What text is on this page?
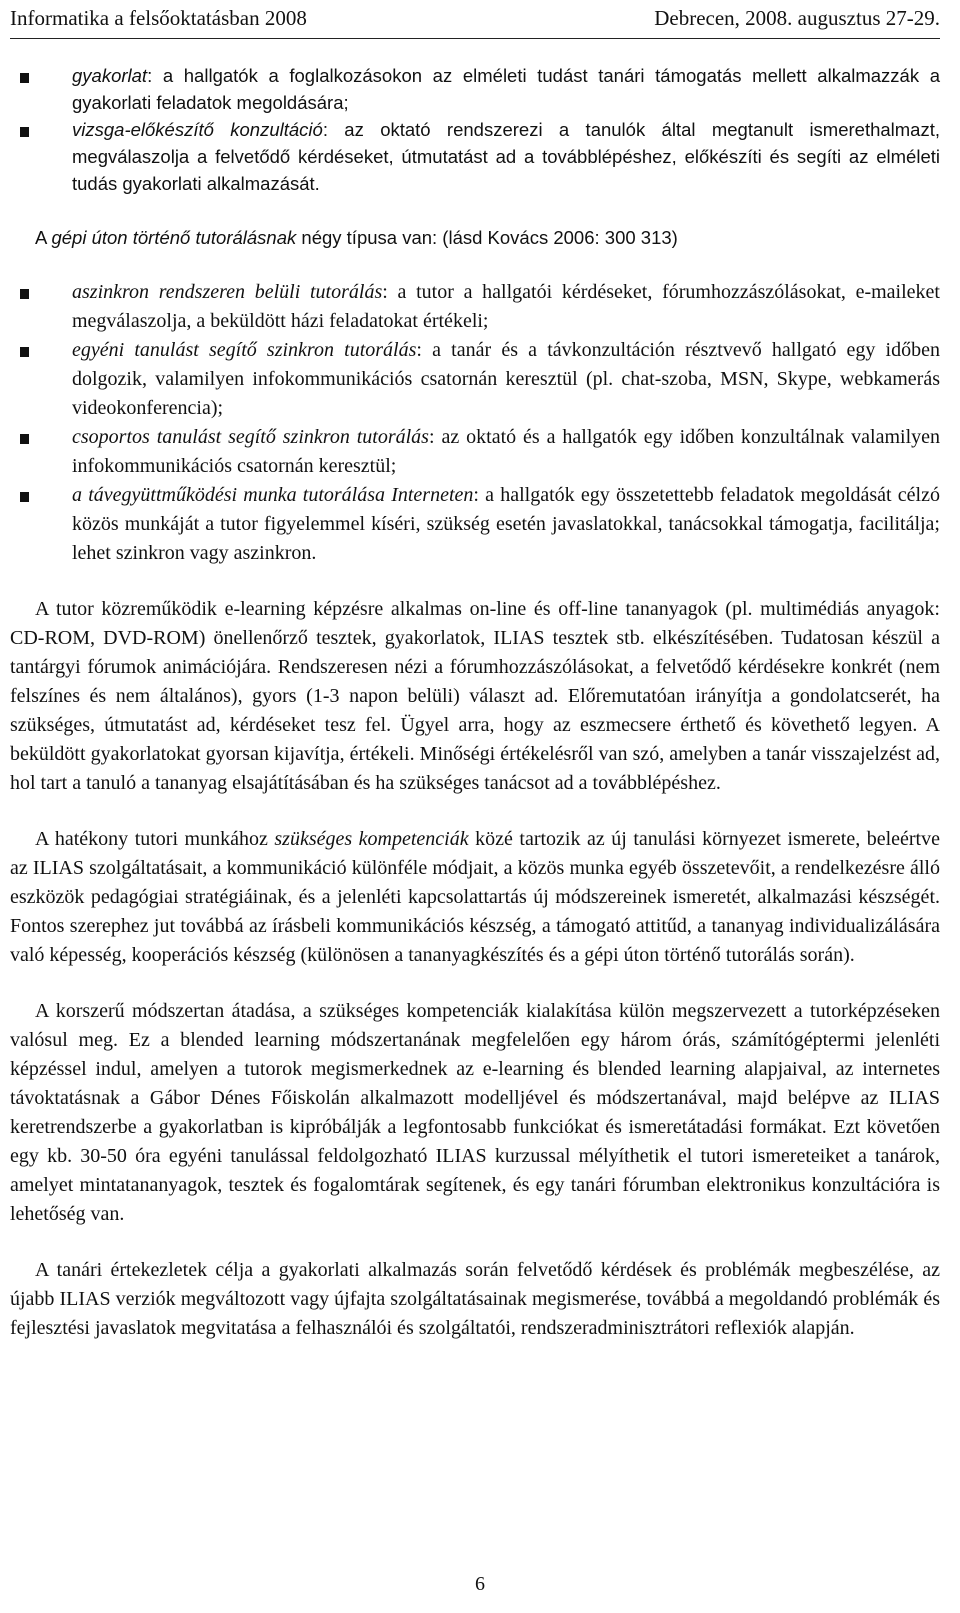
Informatika a felsőoktatásban 2008	Debrecen, 2008. augusztus 27-29.
gyakorlat: a hallgatók a foglalkozásokon az elméleti tudást tanári támogatás mellett alkalmazzák a gyakorlati feladatok megoldására;
vizsga-előkészítő konzultáció: az oktató rendszerezi a tanulók által megtanult ismerethalmazt, megválaszolja a felvetődő kérdéseket, útmutatást ad a továbblépéshez, előkészíti és segíti az elméleti tudás gyakorlati alkalmazását.

A gépi úton történő tutorálásnak négy típusa van: (lásd Kovács 2006: 300 313)

aszinkron rendszeren belüli tutorálás: a tutor a hallgatói kérdéseket, fórumhozzászólásokat, e-maileket megválaszolja, a beküldött házi feladatokat értékeli;
egyéni tanulást segítő szinkron tutorálás: a tanár és a távkonzultáción résztvevő hallgató egy időben dolgozik, valamilyen infokommunikációs csatornán keresztül (pl. chat-szoba, MSN, Skype, webkamerás videokonferencia);
csoportos tanulást segítő szinkron tutorálás: az oktató és a hallgatók egy időben konzultálnak valamilyen infokommunikációs csatornán keresztül;
a távegyüttműködési munka tutorálása Interneten: a hallgatók egy összetettebb feladatok megoldását célzó közös munkáját a tutor figyelemmel kíséri, szükség esetén javaslatokkal, tanácsokkal támogatja, facilitálja; lehet szinkron vagy aszinkron.

A tutor közreműködik e-learning képzésre alkalmas on-line és off-line tananyagok (pl. multimédiás anyagok: CD-ROM, DVD-ROM) önellenőrző tesztek, gyakorlatok, ILIAS tesztek stb. elkészítésében. Tudatosan készül a tantárgyi fórumok animációjára. Rendszeresen nézi a fórumhozzászólásokat, a felvetődő kérdésekre konkrét (nem felszínes és nem általános), gyors (1-3 napon belüli) választ ad. Előremutatóan irányítja a gondolatcserét, ha szükséges, útmutatást ad, kérdéseket tesz fel. Ügyel arra, hogy az eszmecsere érthető és követhető legyen. A beküldött gyakorlatokat gyorsan kijavítja, értékeli. Minőségi értékelésről van szó, amelyben a tanár visszajelzést ad, hol tart a tanuló a tananyag elsajátításában és ha szükséges tanácsot ad a továbblépéshez.

A hatékony tutori munkához szükséges kompetenciák közé tartozik az új tanulási környezet ismerete, beleértve az ILIAS szolgáltatásait, a kommunikáció különféle módjait, a közös munka egyéb összetevőit, a rendelkezésre álló eszközök pedagógiai stratégiáinak, és a jelenléti kapcsolattartás új módszereinek ismeretét, alkalmazási készségét. Fontos szerephez jut továbbá az írásbeli kommunikációs készség, a támogató attitűd, a tananyag individualizálására való képesség, kooperációs készség (különösen a tananyagkészítés és a gépi úton történő tutorálás során).

A korszerű módszertan átadása, a szükséges kompetenciák kialakítása külön megszervezett a tutorképzéseken valósul meg. Ez a blended learning módszertanának megfelelően egy három órás, számítógéptermi jelenléti képzéssel indul, amelyen a tutorok megismerkednek az e-learning és blended learning alapjaival, az internetes távoktatásnak a Gábor Dénes Főiskolán alkalmazott modelljével és módszertanával, majd belépve az ILIAS keretrendszerbe a gyakorlatban is kipróbálják a legfontosabb funkciókat és ismeretátadási formákat. Ezt követően egy kb. 30-50 óra egyéni tanulással feldolgozható ILIAS kurzussal mélyíthetik el tutori ismereteiket a tanárok, amelyet mintatananyagok, tesztek és fogalomtárak segítenek, és egy tanári fórumban elektronikus konzultációra is lehetőség van.

A tanári értekezletek célja a gyakorlati alkalmazás során felvetődő kérdések és problémák megbeszélése, az újabb ILIAS verziók megváltozott vagy újfajta szolgáltatásainak megismerése, továbbá a megoldandó problémák és fejlesztési javaslatok megvitatása a felhasználói és szolgáltatói, rendszeradminisztrátori reflexiók alapján.

6
